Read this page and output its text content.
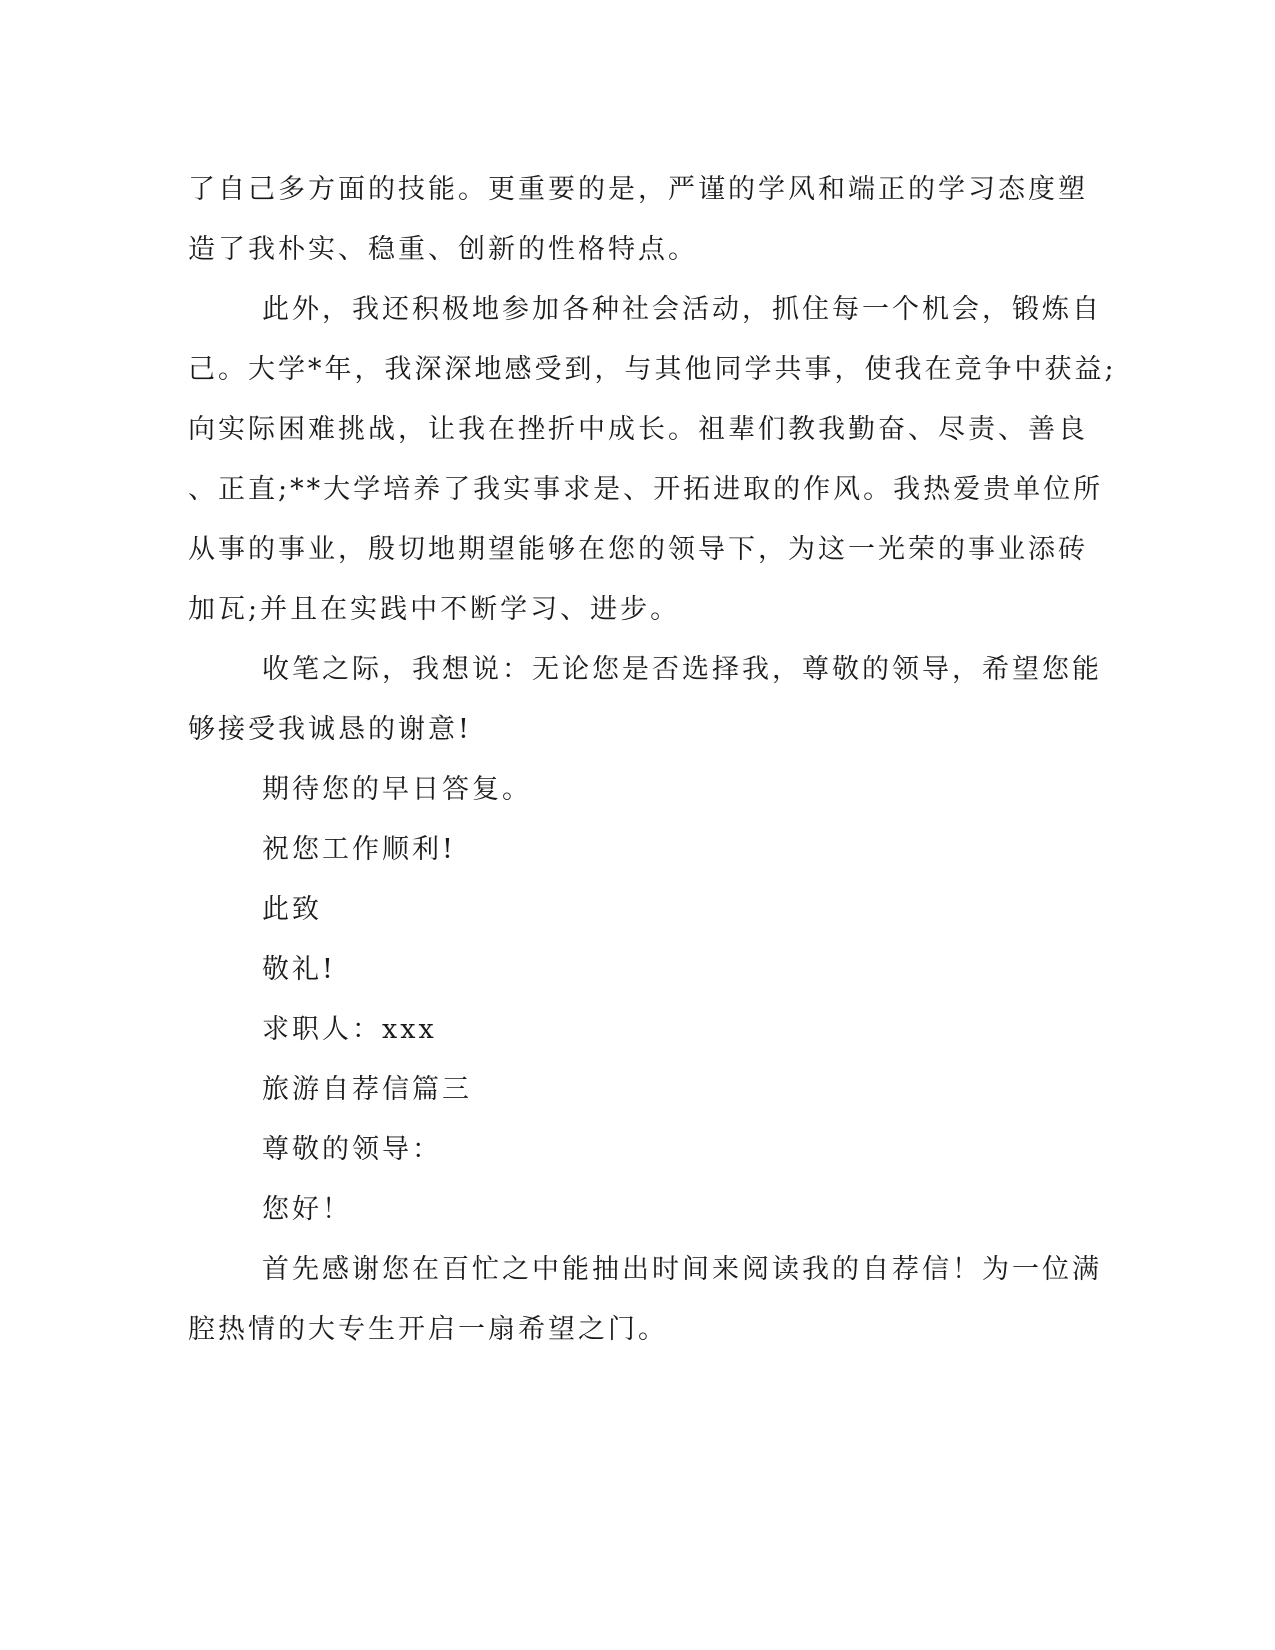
了自己多方面的技能。更重要的是，严谨的学风和端正的学习态度塑
造了我朴实、稳重、创新的性格特点。
此外，我还积极地参加各种社会活动，抓住每一个机会，锻炼自
己。大学*年，我深深地感受到，与其他同学共事，使我在竞争中获益;
向实际困难挑战，让我在挫折中成长。祖辈们教我勤奋、尽责、善良
、正直;**大学培养了我实事求是、开拓进取的作风。我热爱贵单位所
从事的事业，殷切地期望能够在您的领导下，为这一光荣的事业添砖
加瓦;并且在实践中不断学习、进步。
收笔之际，我想说：无论您是否选择我，尊敬的领导，希望您能
够接受我诚恳的谢意!
期待您的早日答复。
祝您工作顺利!
此致
敬礼!
求职人：xxx
旅游自荐信篇三
尊敬的领导：
您好！
首先感谢您在百忙之中能抽出时间来阅读我的自荐信！为一位满
腔热情的大专生开启一扇希望之门。
